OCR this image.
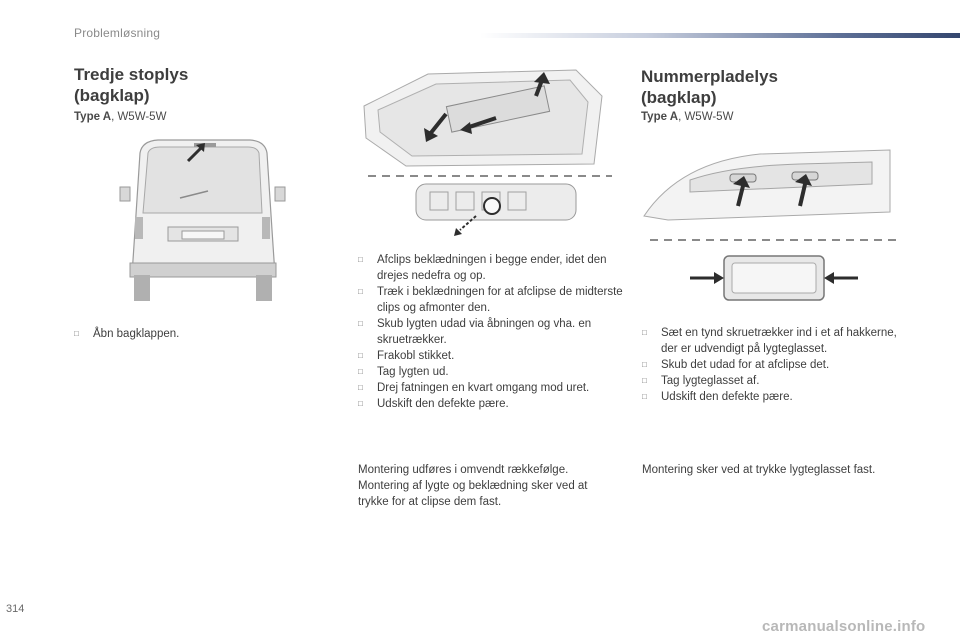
Problemløsning
Tredje stoplys
(bagklap)
Type A, W5W-5W
□ Åbn bagklappen.
□ Afclips beklædningen i begge ender, idet den drejes nedefra og op.
□ Træk i beklædningen for at afclipse de midterste clips og afmonter den.
□ Skub lygten udad via åbningen og vha. en skruetrækker.
□ Frakobl stikket.
□ Tag lygten ud.
□ Drej fatningen en kvart omgang mod uret.
□ Udskift den defekte pære.

Montering udføres i omvendt rækkefølge. Montering af lygte og beklædning sker ved at trykke for at clipse dem fast.

Nummerpladelys
(bagklap)
Type A, W5W-5W
□ Sæt en tynd skruetrækker ind i et af hakkerne, der er udvendigt på lygteglasset.
□ Skub det udad for at afclipse det.
□ Tag lygteglasset af.
□ Udskift den defekte pære.

Montering sker ved at trykke lygteglasset fast.

314
carmanualsonline.info
